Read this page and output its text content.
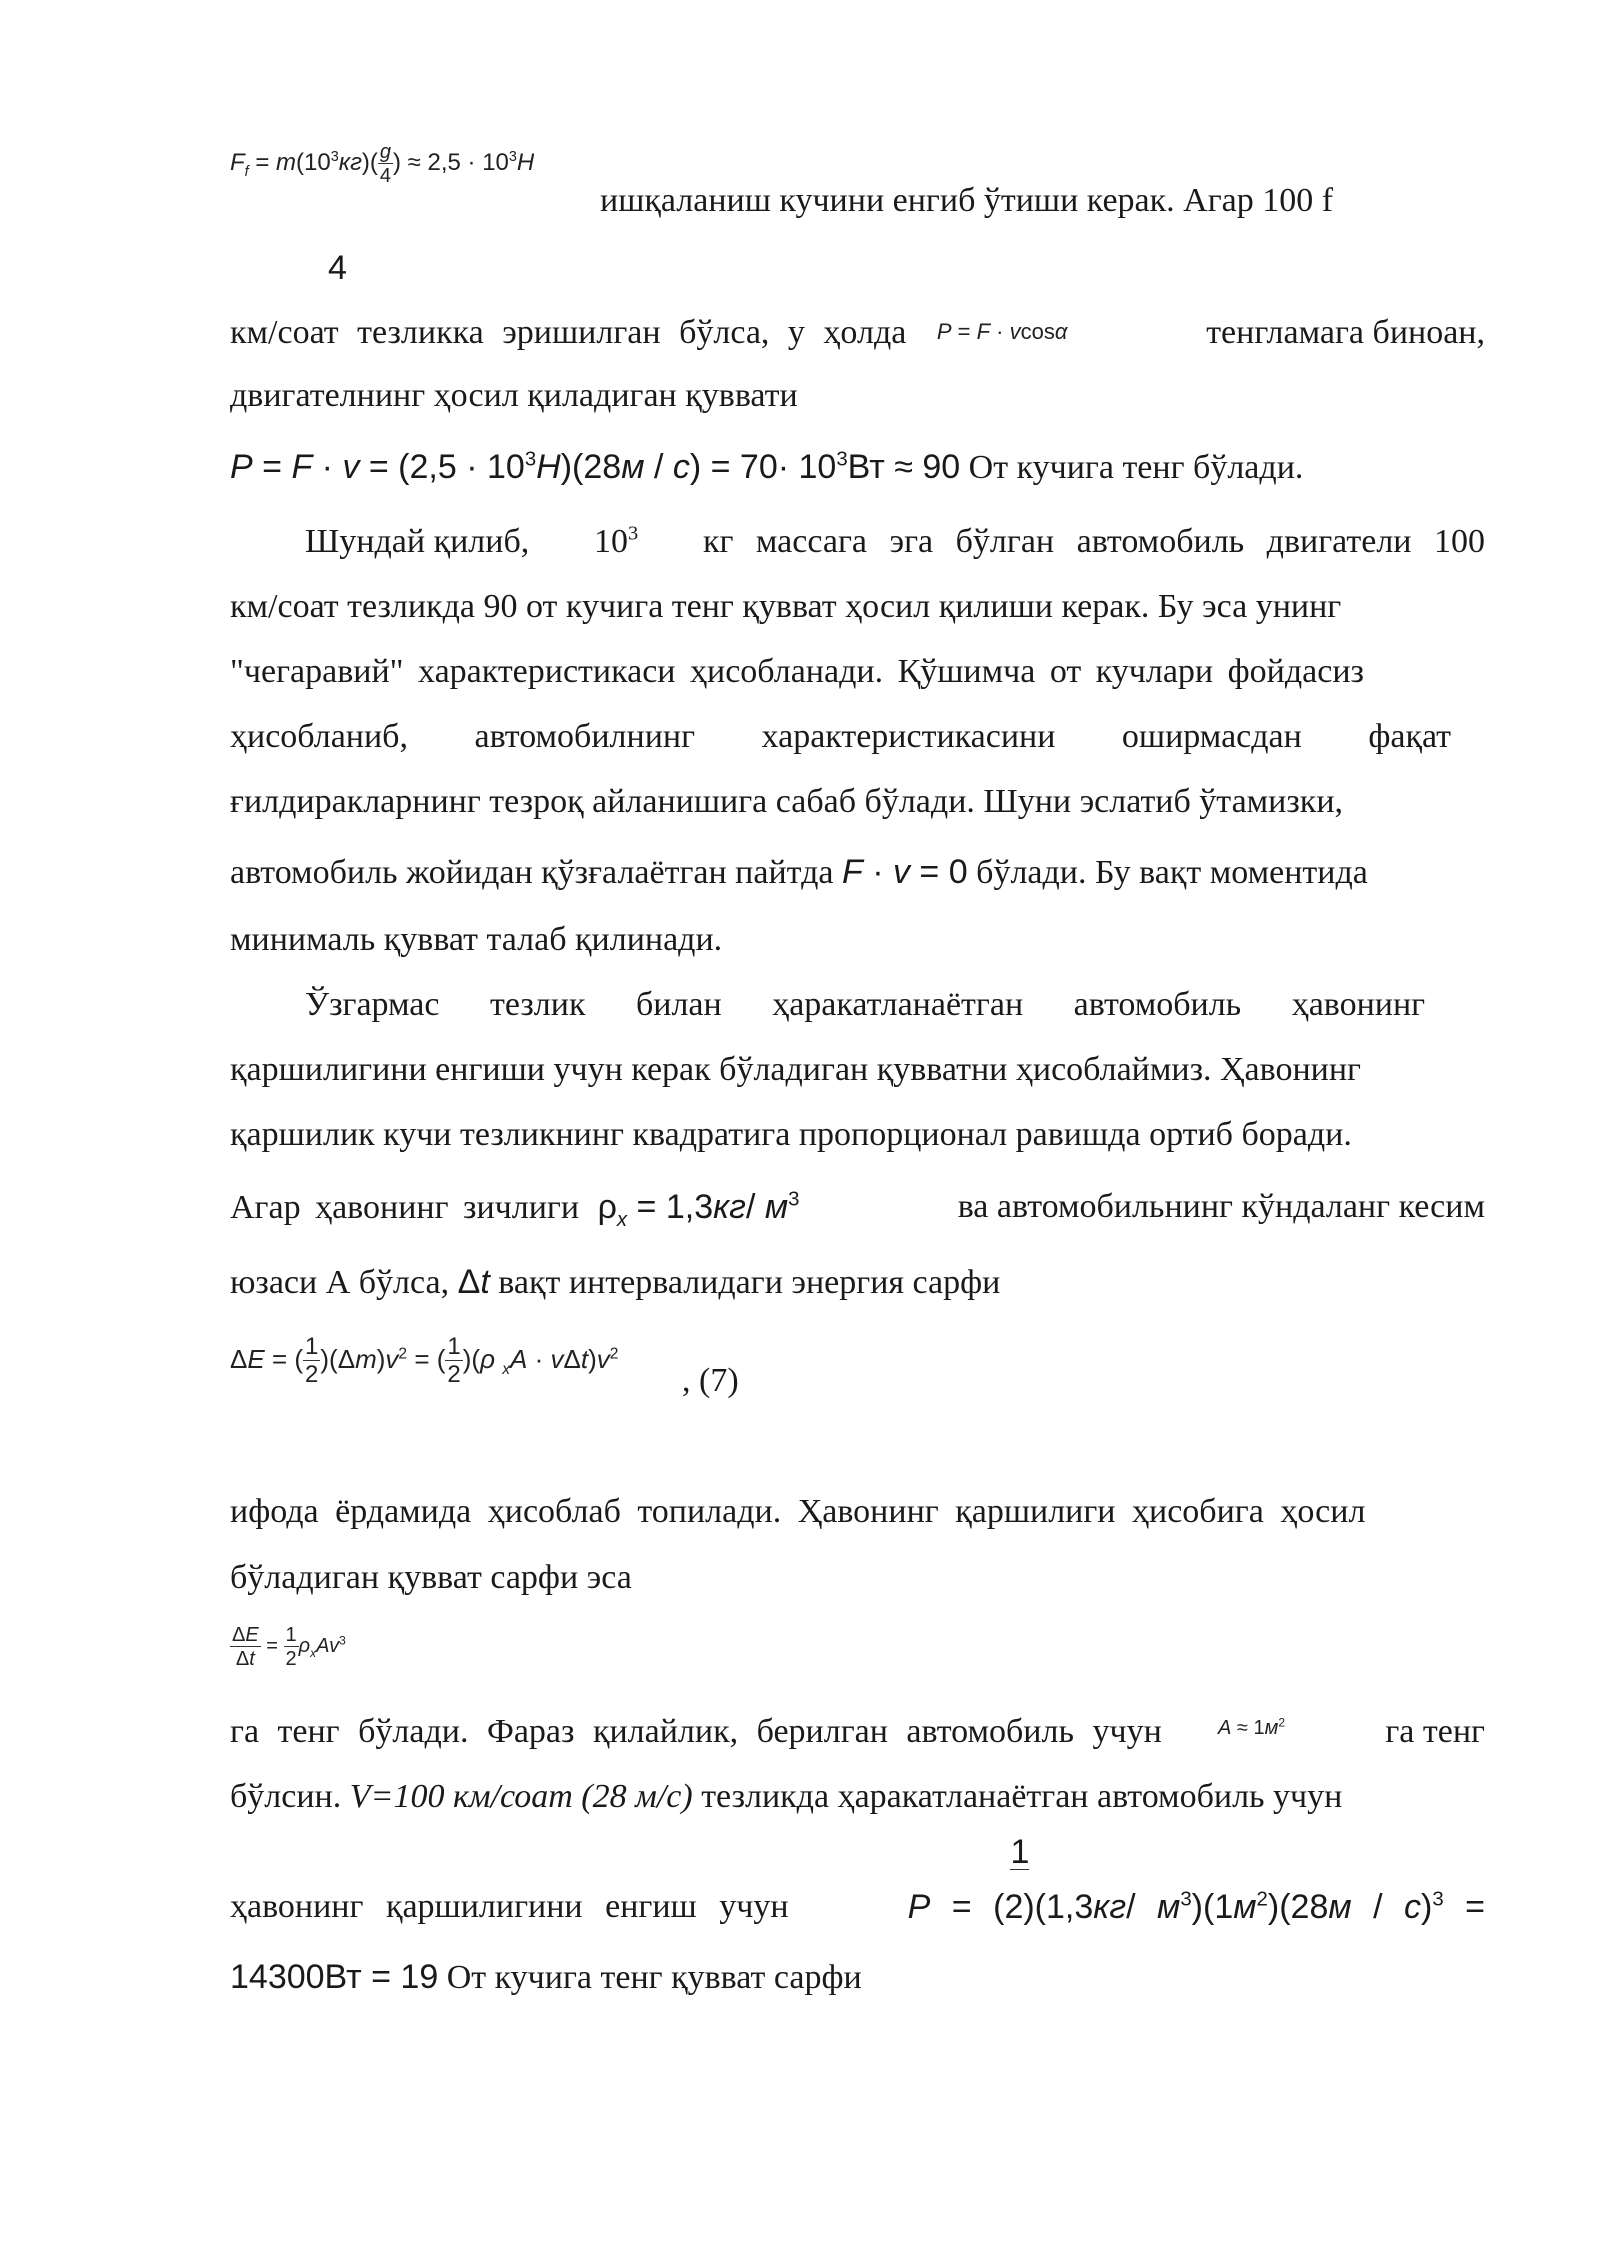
$^{F_f = m(10^3кг)( \frac{g}{4} ) \approx 2,5 \cdot 10^3Н}$
ишқаланиш кучини енгиб ўтиши керак. Агар 100 f
4
км/соат тезликка эришилган бўлса, у ҳолда P = F · vcosα	тенгламага биноан,
двигателнинг ҳосил қиладиган қуввати
$P = F \cdot v = (2,5 \cdot 10^3Н)(28м / с) = 70\cdot 10^3Вт \approx 90$ От кучига тенг бўлади.
Шундай қилиб, $10^3$ кг массага эга бўлган автомобиль двигатели 100
км/соат тезликда 90 от кучига тенг қувват ҳосил қилиши керак. Бу эса унинг
"чегаравий" характеристикаси ҳисобланади. Қўшимча от кучлари фойдасиз
ҳисобланиб, автомобилнинг характеристикасини оширмасдан фақат
ғилдиракларнинг тезроқ айланишига сабаб бўлади. Шуни эслатиб ўтамизки,
автомобиль жойидан қўзғалаётган пайтда F · v = 0 бўлади. Бу вақт моментида
минималь қувват талаб қилинади.
Ўзгармас тезлик билан ҳаракатланаётган автомобиль ҳавонинг
қаршилигини енгиши учун керак бўладиган қувватни ҳисоблаймиз. Ҳавонинг
қаршилик кучи тезликнинг квадратига пропорционал равишда ортиб боради.
Агар ҳавонинг зичлиги $\rho_x = 1,3кг/$ $м^3$	ва автомобильнинг кўндаланг кесим
юзаси А бўлса, Δt вақт интервалидаги энергия сарфи
ΔE = ( $\frac{1}{2} )(\Delta m)v^2$ = ( $\frac{1}{2} )(\rho$ $_xA \cdot v\Delta t)v^2$
, (7)
ифода ёрдамида ҳисоблаб топилади. Ҳавонинг қаршилиги ҳисобига ҳосил
бўладиган қувват сарфи эса
$\frac{\Delta E}{\Delta t} = \frac{1}{2} \rho_xAv^3$
га тенг бўлади. Фараз қилайлик, берилган автомобиль учун	$A \approx 1м^2$	га тенг
бўлсин. V=100 км/соат (28 м/с) тезликда ҳаракатланаётган автомобиль учун
ҳавонинг қаршилигини енгиш учун	P = (
1
2)(1,3кг/ $м^3)(1м^2)(28м / с)^3$ =
14300Вт = 19 От кучига тенг қувват сарфи
